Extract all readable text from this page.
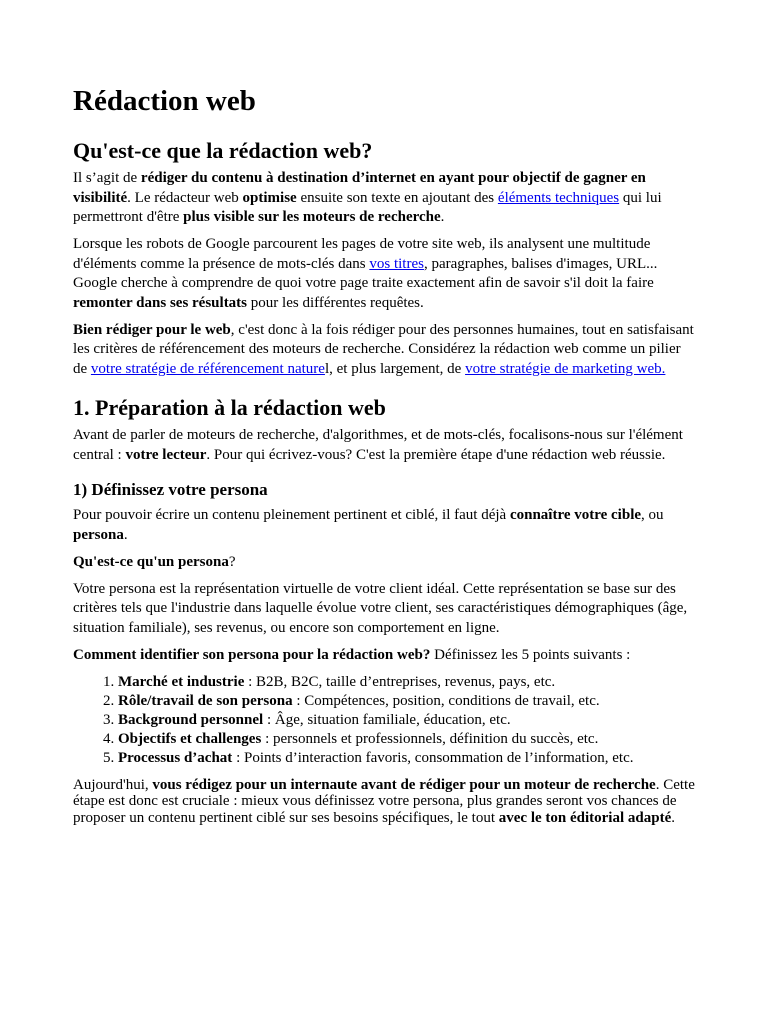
Rédaction web
Qu'est-ce que la rédaction web?

Il s’agit de rédiger du contenu à destination d’internet en ayant pour objectif de gagner en visibilité. Le rédacteur web optimise ensuite son texte en ajoutant des éléments techniques qui lui permettront d'être plus visible sur les moteurs de recherche.

Lorsque les robots de Google parcourent les pages de votre site web, ils analysent une multitude d'éléments comme la présence de mots-clés dans vos titres, paragraphes, balises d'images, URL... Google cherche à comprendre de quoi votre page traite exactement afin de savoir s'il doit la faire remonter dans ses résultats pour les différentes requêtes.

Bien rédiger pour le web, c'est donc à la fois rédiger pour des personnes humaines, tout en satisfaisant les critères de référencement des moteurs de recherche. Considérez la rédaction web comme un pilier de votre stratégie de référencement naturel, et plus largement, de votre stratégie de marketing web.

1. Préparation à la rédaction web

Avant de parler de moteurs de recherche, d'algorithmes, et de mots-clés, focalisons-nous sur l'élément central : votre lecteur. Pour qui écrivez-vous? C'est la première étape d'une rédaction web réussie.

1) Définissez votre persona

Pour pouvoir écrire un contenu pleinement pertinent et ciblé, il faut déjà connaître votre cible, ou persona.

Qu'est-ce qu'un persona?

Votre persona est la représentation virtuelle de votre client idéal. Cette représentation se base sur des critères tels que l'industrie dans laquelle évolue votre client, ses caractéristiques démographiques (âge, situation familiale), ses revenus, ou encore son comportement en ligne.

Comment identifier son persona pour la rédaction web? Définissez les 5 points suivants :

1. Marché et industrie : B2B, B2C, taille d’entreprises, revenus, pays, etc.
2. Rôle/travail de son persona : Compétences, position, conditions de travail, etc.
3. Background personnel : Âge, situation familiale, éducation, etc.
4. Objectifs et challenges : personnels et professionnels, définition du succès, etc.
5. Processus d’achat : Points d’interaction favoris, consommation de l’information, etc.

Aujourd'hui, vous rédigez pour un internaute avant de rédiger pour un moteur de recherche. Cette étape est donc est cruciale : mieux vous définissez votre persona, plus grandes seront vos chances de proposer un contenu pertinent ciblé sur ses besoins spécifiques, le tout avec le ton éditorial adapté.
